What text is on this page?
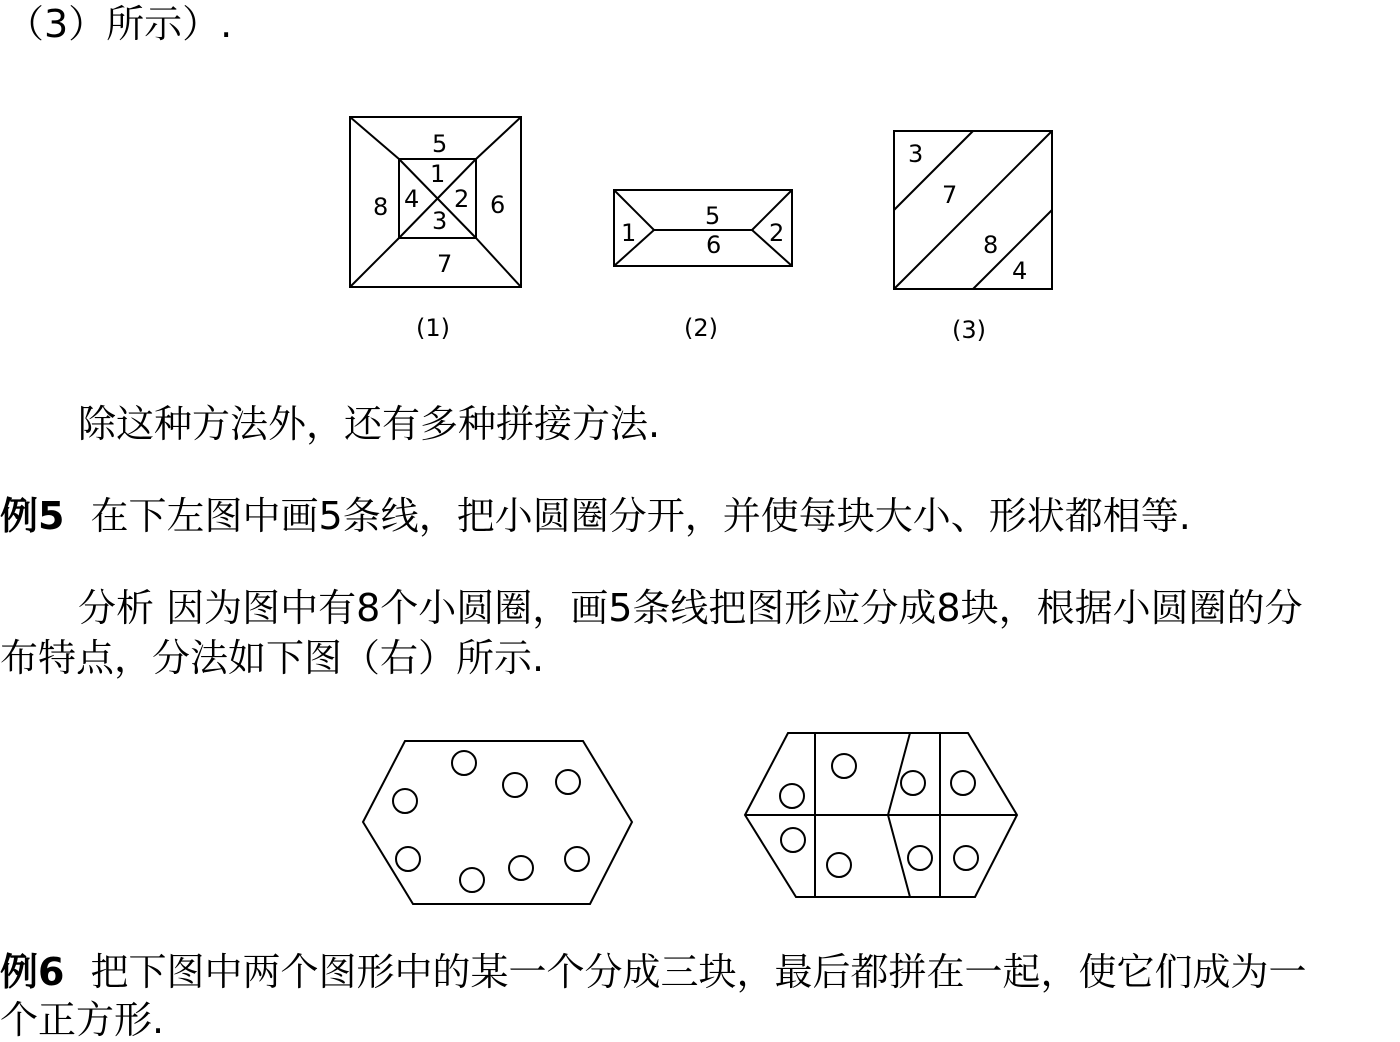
（3）所示）.
5
1
8 4 2 6
3
7
1
5
6 2
3
7
8
4
(1)	(2)	(3)
除这种方法外，还有多种拼接方法.
例5 在下左图中画5条线，把小圆圈分开，并使每块大小、形状都相等.
分析 因为图中有8个小圆圈，画5条线把图形应分成8块，根据小圆圈的分
布特点，分法如下图（右）所示.
例6 把下图中两个图形中的某一个分成三块，最后都拼在一起，使它们成为一
个正方形.
